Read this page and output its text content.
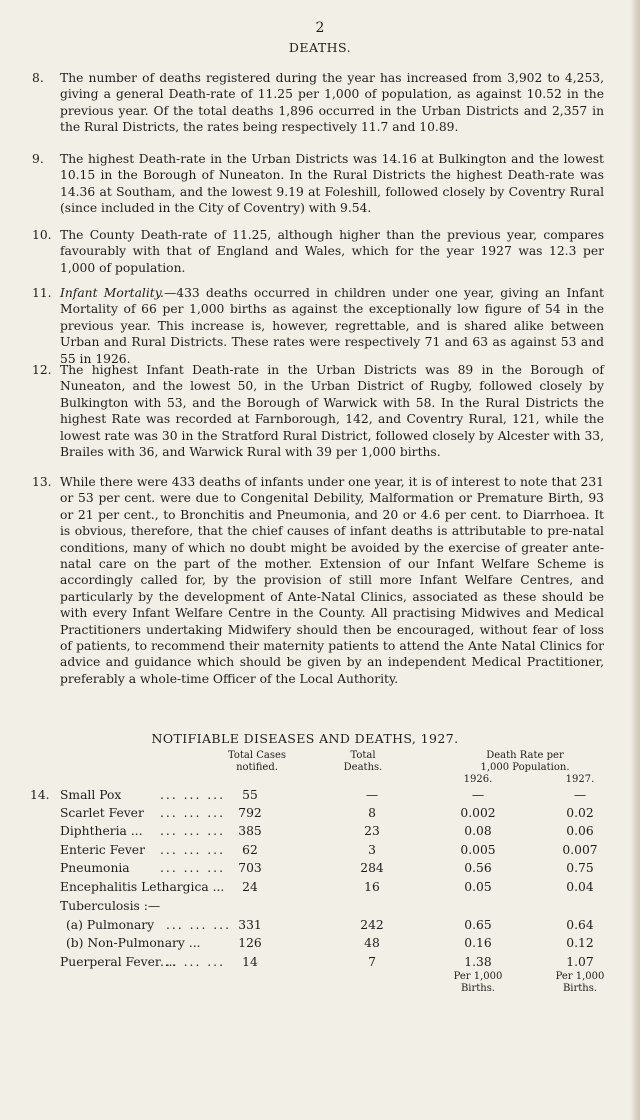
2
DEATHS.

8. The number of deaths registered during the year has increased from 3,902 to 4,253, giving a general Death-rate of 11.25 per 1,000 of population, as against 10.52 in the previous year. Of the total deaths 1,896 occurred in the Urban Districts and 2,357 in the Rural Districts, the rates being respectively 11.7 and 10.89.

9. The highest Death-rate in the Urban Districts was 14.16 at Bulkington and the lowest 10.15 in the Borough of Nuneaton. In the Rural Districts the highest Death-rate was 14.36 at Southam, and the lowest 9.19 at Foleshill, followed closely by Coventry Rural (since included in the City of Coventry) with 9.54.

10. The County Death-rate of 11.25, although higher than the previous year, compares favourably with that of England and Wales, which for the year 1927 was 12.3 per 1,000 of population.

11. Infant Mortality.—433 deaths occurred in children under one year, giving an Infant Mortality of 66 per 1,000 births as against the exceptionally low figure of 54 in the previous year. This increase is, however, regrettable, and is shared alike between Urban and Rural Districts. These rates were respectively 71 and 63 as against 53 and 55 in 1926.

12. The highest Infant Death-rate in the Urban Districts was 89 in the Borough of Nuneaton, and the lowest 50, in the Urban District of Rugby, followed closely by Bulkington with 53, and the Borough of Warwick with 58. In the Rural Districts the highest Rate was recorded at Farnborough, 142, and Coventry Rural, 121, while the lowest rate was 30 in the Stratford Rural District, followed closely by Alcester with 33, Brailes with 36, and Warwick Rural with 39 per 1,000 births.

13. While there were 433 deaths of infants under one year, it is of interest to note that 231 or 53 per cent. were due to Congenital Debility, Malformation or Premature Birth, 93 or 21 per cent., to Bronchitis and Pneumonia, and 20 or 4.6 per cent. to Diarrhoea. It is obvious, therefore, that the chief causes of infant deaths is attributable to pre-natal conditions, many of which no doubt might be avoided by the exercise of greater ante-natal care on the part of the mother. Extension of our Infant Welfare Scheme is accordingly called for, by the provision of still more Infant Welfare Centres, and particularly by the development of Ante-Natal Clinics, associated as these should be with every Infant Welfare Centre in the County. All practising Midwives and Medical Practitioners undertaking Midwifery should then be encouraged, without fear of loss of patients, to recommend their maternity patients to attend the Ante Natal Clinics for advice and guidance which should be given by an independent Medical Practitioner, preferably a whole-time Officer of the Local Authority.

NOTIFIABLE DISEASES AND DEATHS, 1927.
Total Cases
notified.
Total
Deaths.
Death Rate per
1,000 Population.
1926.	1927.
14. Small Pox	55	—	—	—
... ... ...
Scarlet Fever	792	8	0.002	0.02
... ... ...
Diphtheria ...	385	23	0.08	0.06
... ... ...
Enteric Fever	62	3	0.005	0.007
... ... ...
Pneumonia	703	284	0.56	0.75
... ... ...
Encephalitis Lethargica ...	24	16	0.05	0.04
Tuberculosis :—
(a) Pulmonary	331	242	0.65	0.64
... ... ...
(b) Non-Pulmonary ...	126	48	0.16	0.12
Puerperal Fever ...	14	7	1.38	1.07
... ... ...
Per 1,000
Births.
Per 1,000
Births.
